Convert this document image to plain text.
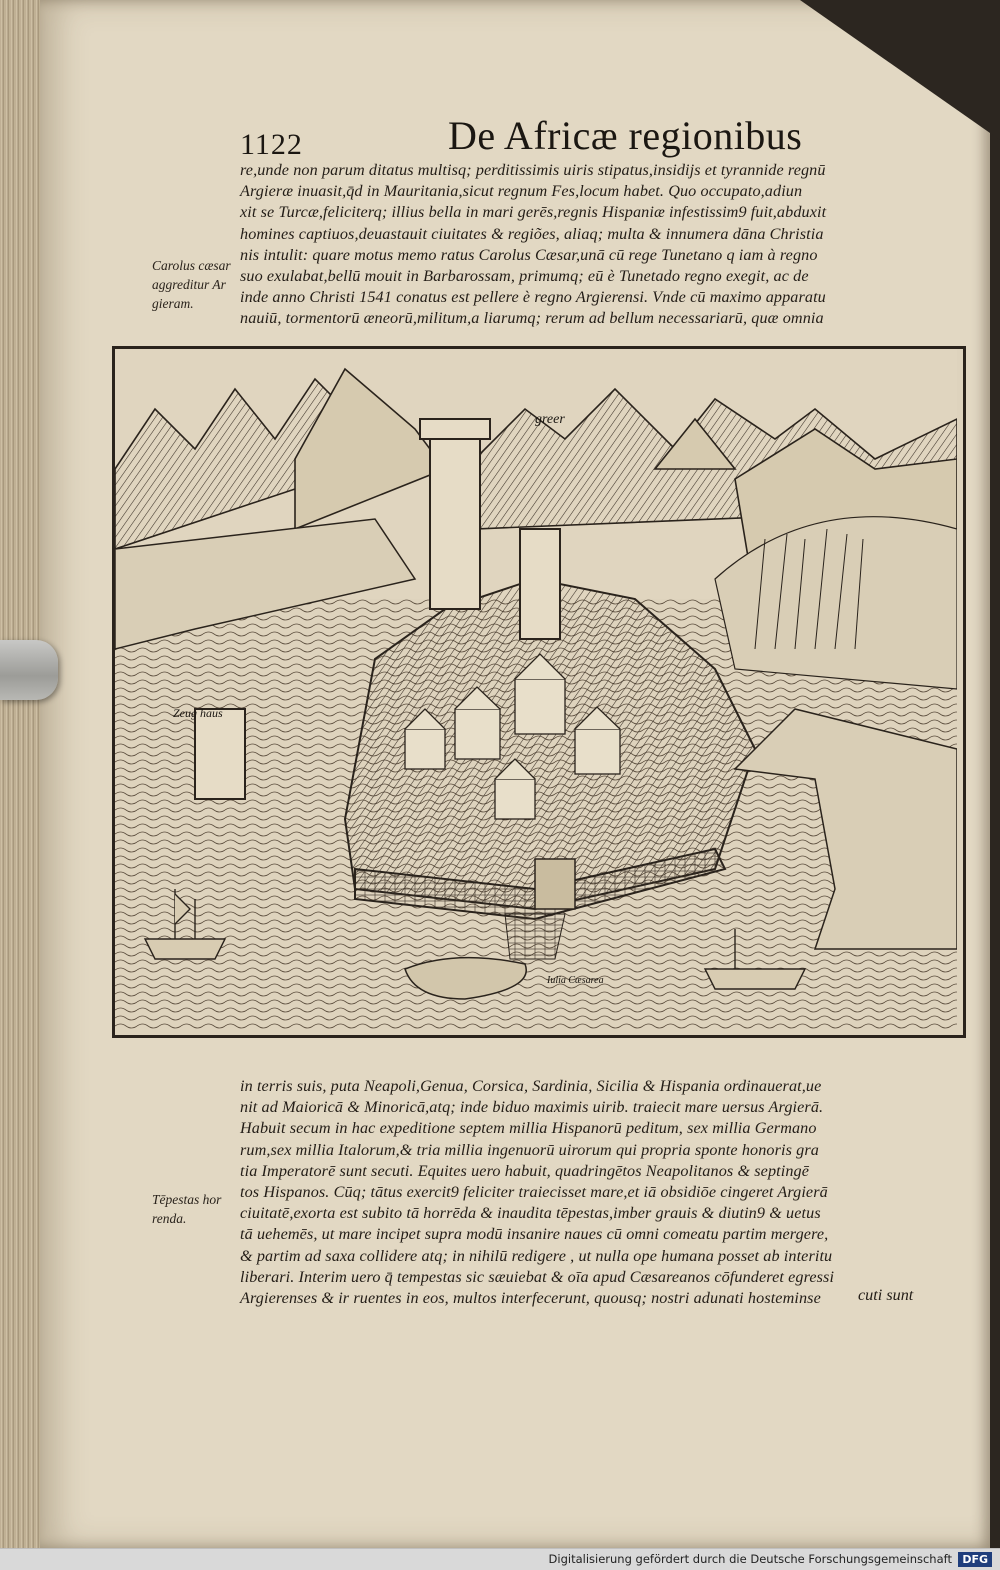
1122	De Africæ regionibus
re,unde non parum ditatus multisq; perditissimis uiris stipatus,insidijs et tyrannide regnū
Argieræ inuasit,q̄d in Mauritania,sicut regnum Fes,locum habet. Quo occupato,adiun
xit se Turcæ,feliciterq; illius bella in mari gerēs,regnis Hispaniæ infestissim9 fuit,abduxit
homines captiuos,deuastauit ciuitates & regiões, aliaq; multa & innumera dāna Christia
nis intulit: quare motus memo ratus Carolus Cæsar,unā cū rege Tunetano q iam à regno
suo exulabat,bellū mouit in Barbarossam, primumq; eū è Tunetado regno exegit, ac de
inde anno Christi 1541 conatus est pellere è regno Argierensi. Vnde cū maximo apparatu
nauiū, tormentorū æneorū,militum,a liarumq; rerum ad bellum necessariarū, quæ omnia
Carolus cæsar
aggreditur Ar
gieram.
greer
Zeug haus
Iulia Cæsarea
in terris suis, puta Neapoli,Genua, Corsica, Sardinia, Sicilia & Hispania ordinauerat,ue
nit ad Maioricā & Minoricā,atq; inde biduo maximis uirib. traiecit mare uersus Argierā.
Habuit secum in hac expeditione septem millia Hispanorū peditum, sex millia Germano
rum,sex millia Italorum,& tria millia ingenuorū uirorum qui propria sponte honoris gra
tia Imperatorē sunt secuti. Equites uero habuit, quadringētos Neapolitanos & septingē
tos Hispanos. Cūq; tātus exercit9 feliciter traiecisset mare,et iā obsidiōe cingeret Argierā
ciuitatē,exorta est subito tā horrēda & inaudita tēpestas,imber grauis & diutin9 & uetus
tā uehemēs, ut mare incipet supra modū insanire naues cū omni comeatu partim mergere,
& partim ad saxa collidere atq; in nihilū redigere , ut nulla ope humana posset ab interitu
liberari. Interim uero q̄ tempestas sic sæuiebat & oīa apud Cæsareanos cōfunderet egressi
Argierenses & ir ruentes in eos, multos interfecerunt, quousq; nostri adunati hosteminse
Tēpestas hor
renda.
cuti sunt
Digitalisierung gefördert durch die Deutsche Forschungsgemeinschaft DFG
